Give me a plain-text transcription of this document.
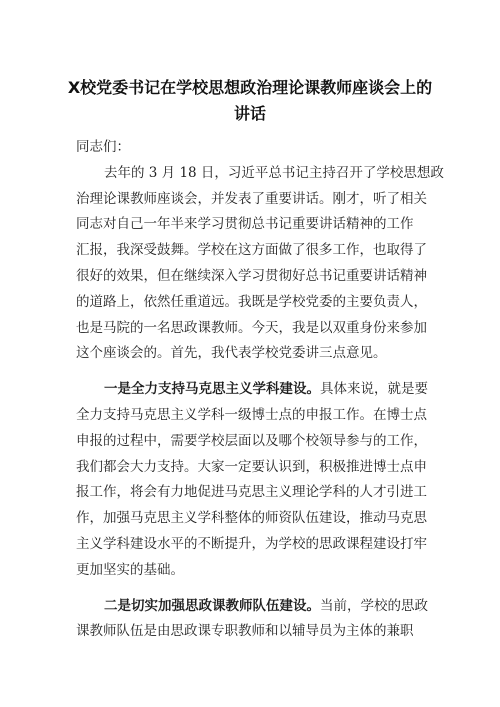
X校党委书记在学校思想政治理论课教师座谈会上的
讲话
同志们：
去年的 3 月 18 日，习近平总书记主持召开了学校思想政
治理论课教师座谈会，并发表了重要讲话。刚才，听了相关
同志对自己一年半来学习贯彻总书记重要讲话精神的工作
汇报，我深受鼓舞。学校在这方面做了很多工作，也取得了
很好的效果，但在继续深入学习贯彻好总书记重要讲话精神
的道路上，依然任重道远。我既是学校党委的主要负责人，
也是马院的一名思政课教师。今天，我是以双重身份来参加
这个座谈会的。首先，我代表学校党委讲三点意见。
一是全力支持马克思主义学科建设。具体来说，就是要
全力支持马克思主义学科一级博士点的申报工作。在博士点
申报的过程中，需要学校层面以及哪个校领导参与的工作，
我们都会大力支持。大家一定要认识到，积极推进博士点申
报工作，将会有力地促进马克思主义理论学科的人才引进工
作，加强马克思主义学科整体的师资队伍建设，推动马克思
主义学科建设水平的不断提升，为学校的思政课程建设打牢
更加坚实的基础。
二是切实加强思政课教师队伍建设。当前，学校的思政
课教师队伍是由思政课专职教师和以辅导员为主体的兼职
